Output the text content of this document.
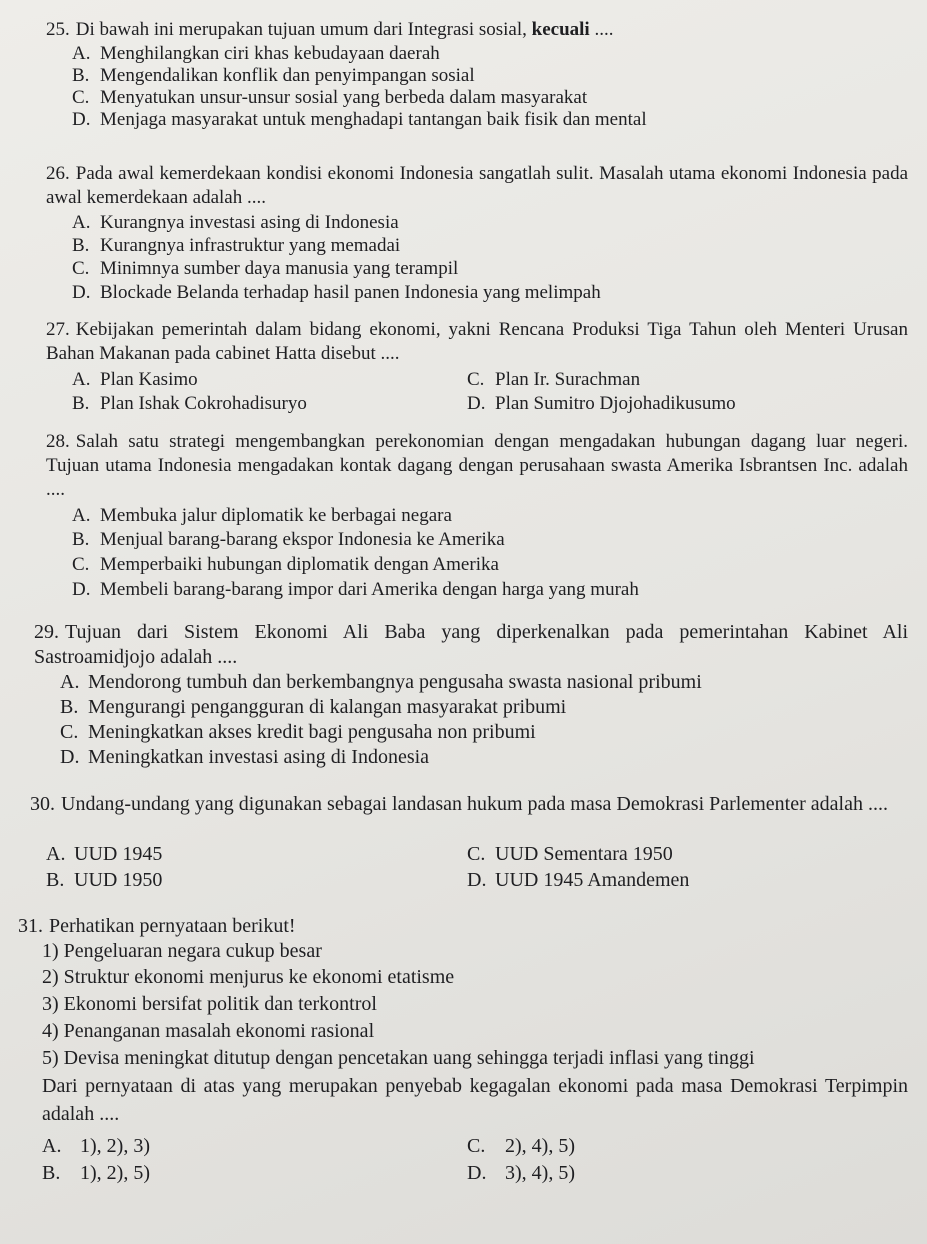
25. Di bawah ini merupakan tujuan umum dari Integrasi sosial, kecuali ....

A. Menghilangkan ciri khas kebudayaan daerah
B. Mengendalikan konflik dan penyimpangan sosial
C. Menyatukan unsur-unsur sosial yang berbeda dalam masyarakat
D. Menjaga masyarakat untuk menghadapi tantangan baik fisik dan mental

26. Pada awal kemerdekaan kondisi ekonomi Indonesia sangatlah sulit. Masalah utama ekonomi Indonesia pada awal kemerdekaan adalah ....

A. Kurangnya investasi asing di Indonesia
B. Kurangnya infrastruktur yang memadai
C. Minimnya sumber daya manusia yang terampil
D. Blockade Belanda terhadap hasil panen Indonesia yang melimpah

27. Kebijakan pemerintah dalam bidang ekonomi, yakni Rencana Produksi Tiga Tahun oleh Menteri Urusan Bahan Makanan pada cabinet Hatta disebut ....

A. Plan Kasimo
B. Plan Ishak Cokrohadisuryo
C. Plan Ir. Surachman
D. Plan Sumitro Djojohadikusumo

28. Salah satu strategi mengembangkan perekonomian dengan mengadakan hubungan dagang luar negeri. Tujuan utama Indonesia mengadakan kontak dagang dengan perusahaan swasta Amerika Isbrantsen Inc. adalah ....

A. Membuka jalur diplomatik ke berbagai negara
B. Menjual barang-barang ekspor Indonesia ke Amerika
C. Memperbaiki hubungan diplomatik dengan Amerika
D. Membeli barang-barang impor dari Amerika dengan harga yang murah

29. Tujuan dari Sistem Ekonomi Ali Baba yang diperkenalkan pada pemerintahan Kabinet Ali Sastroamidjojo adalah ....

A. Mendorong tumbuh dan berkembangnya pengusaha swasta nasional pribumi
B. Mengurangi pengangguran di kalangan masyarakat pribumi
C. Meningkatkan akses kredit bagi pengusaha non pribumi
D. Meningkatkan investasi asing di Indonesia

30. Undang-undang yang digunakan sebagai landasan hukum pada masa Demokrasi Parlementer adalah ....

A. UUD 1945
B. UUD 1950
C. UUD Sementara 1950
D. UUD 1945 Amandemen

31. Perhatikan pernyataan berikut!

1) Pengeluaran negara cukup besar
2) Struktur ekonomi menjurus ke ekonomi etatisme
3) Ekonomi bersifat politik dan terkontrol
4) Penanganan masalah ekonomi rasional
5) Devisa meningkat ditutup dengan pencetakan uang sehingga terjadi inflasi yang tinggi

Dari pernyataan di atas yang merupakan penyebab kegagalan ekonomi pada masa Demokrasi Terpimpin adalah ....

A. 1), 2), 3)
B. 1), 2), 5)
C. 2), 4), 5)
D. 3), 4), 5)
